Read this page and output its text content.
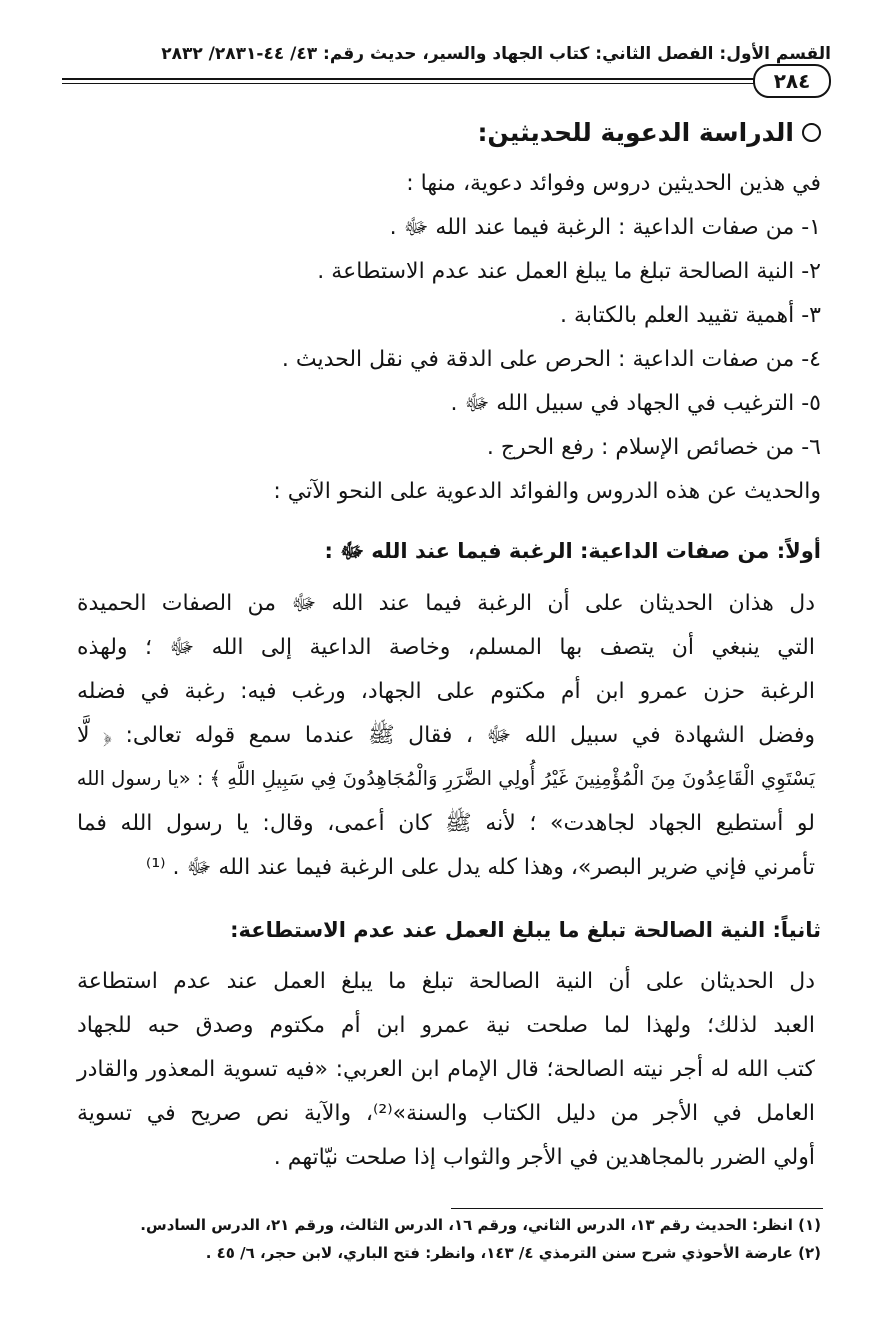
القسم الأول: الفصل الثاني: كتاب الجهاد والسير، حديث رقم: ٤٣/ ٤٤-٢٨٣١/ ٢٨٣٢
٢٨٤
الدراسة الدعوية للحديثين:
في هذين الحديثين دروس وفوائد دعوية، منها :
١- من صفات الداعية : الرغبة فيما عند الله ﷻ .
٢- النية الصالحة تبلغ ما يبلغ العمل عند عدم الاستطاعة .
٣- أهمية تقييد العلم بالكتابة .
٤- من صفات الداعية : الحرص على الدقة في نقل الحديث .
٥- الترغيب في الجهاد في سبيل الله ﷻ .
٦- من خصائص الإسلام : رفع الحرج .
والحديث عن هذه الدروس والفوائد الدعوية على النحو الآتي :
أولاً: من صفات الداعية: الرغبة فيما عند الله ﷻ :
دل هذان الحديثان على أن الرغبة فيما عند الله ﷻ من الصفات الحميدة
التي ينبغي أن يتصف بها المسلم، وخاصة الداعية إلى الله ﷻ ؛ ولهذه
الرغبة حزن عمرو ابن أم مكتوم على الجهاد، ورغب فيه: رغبة في فضله
وفضل الشهادة في سبيل الله ﷻ ، فقال ﷺ عندما سمع قوله تعالى: ﴿ لَّا
يَسْتَوِي الْقَاعِدُونَ مِنَ الْمُؤْمِنِينَ غَيْرُ أُولِي الضَّرَرِ وَالْمُجَاهِدُونَ فِي سَبِيلِ اللَّهِ ﴾ : «يا رسول الله
لو أستطيع الجهاد لجاهدت» ؛ لأنه ﷺ كان أعمى، وقال: يا رسول الله فما
تأمرني فإني ضرير البصر»، وهذا كله يدل على الرغبة فيما عند الله ﷻ . ⁽¹⁾
ثانياً: النية الصالحة تبلغ ما يبلغ العمل عند عدم الاستطاعة:
دل الحديثان على أن النية الصالحة تبلغ ما يبلغ العمل عند عدم استطاعة
العبد لذلك؛ ولهذا لما صلحت نية عمرو ابن أم مكتوم وصدق حبه للجهاد
كتب الله له أجر نيته الصالحة؛ قال الإمام ابن العربي: «فيه تسوية المعذور والقادر
العامل في الأجر من دليل الكتاب والسنة»⁽²⁾، والآية نص صريح في تسوية
أولي الضرر بالمجاهدين في الأجر والثواب إذا صلحت نيّاتهم .
(١) انظر: الحديث رقم ١٣، الدرس الثاني، ورقم ١٦، الدرس الثالث، ورقم ٢١، الدرس السادس.
(٢) عارضة الأحوذي شرح سنن الترمذي ٤/ ١٤٣، وانظر: فتح الباري، لابن حجر، ٦/ ٤٥ .
